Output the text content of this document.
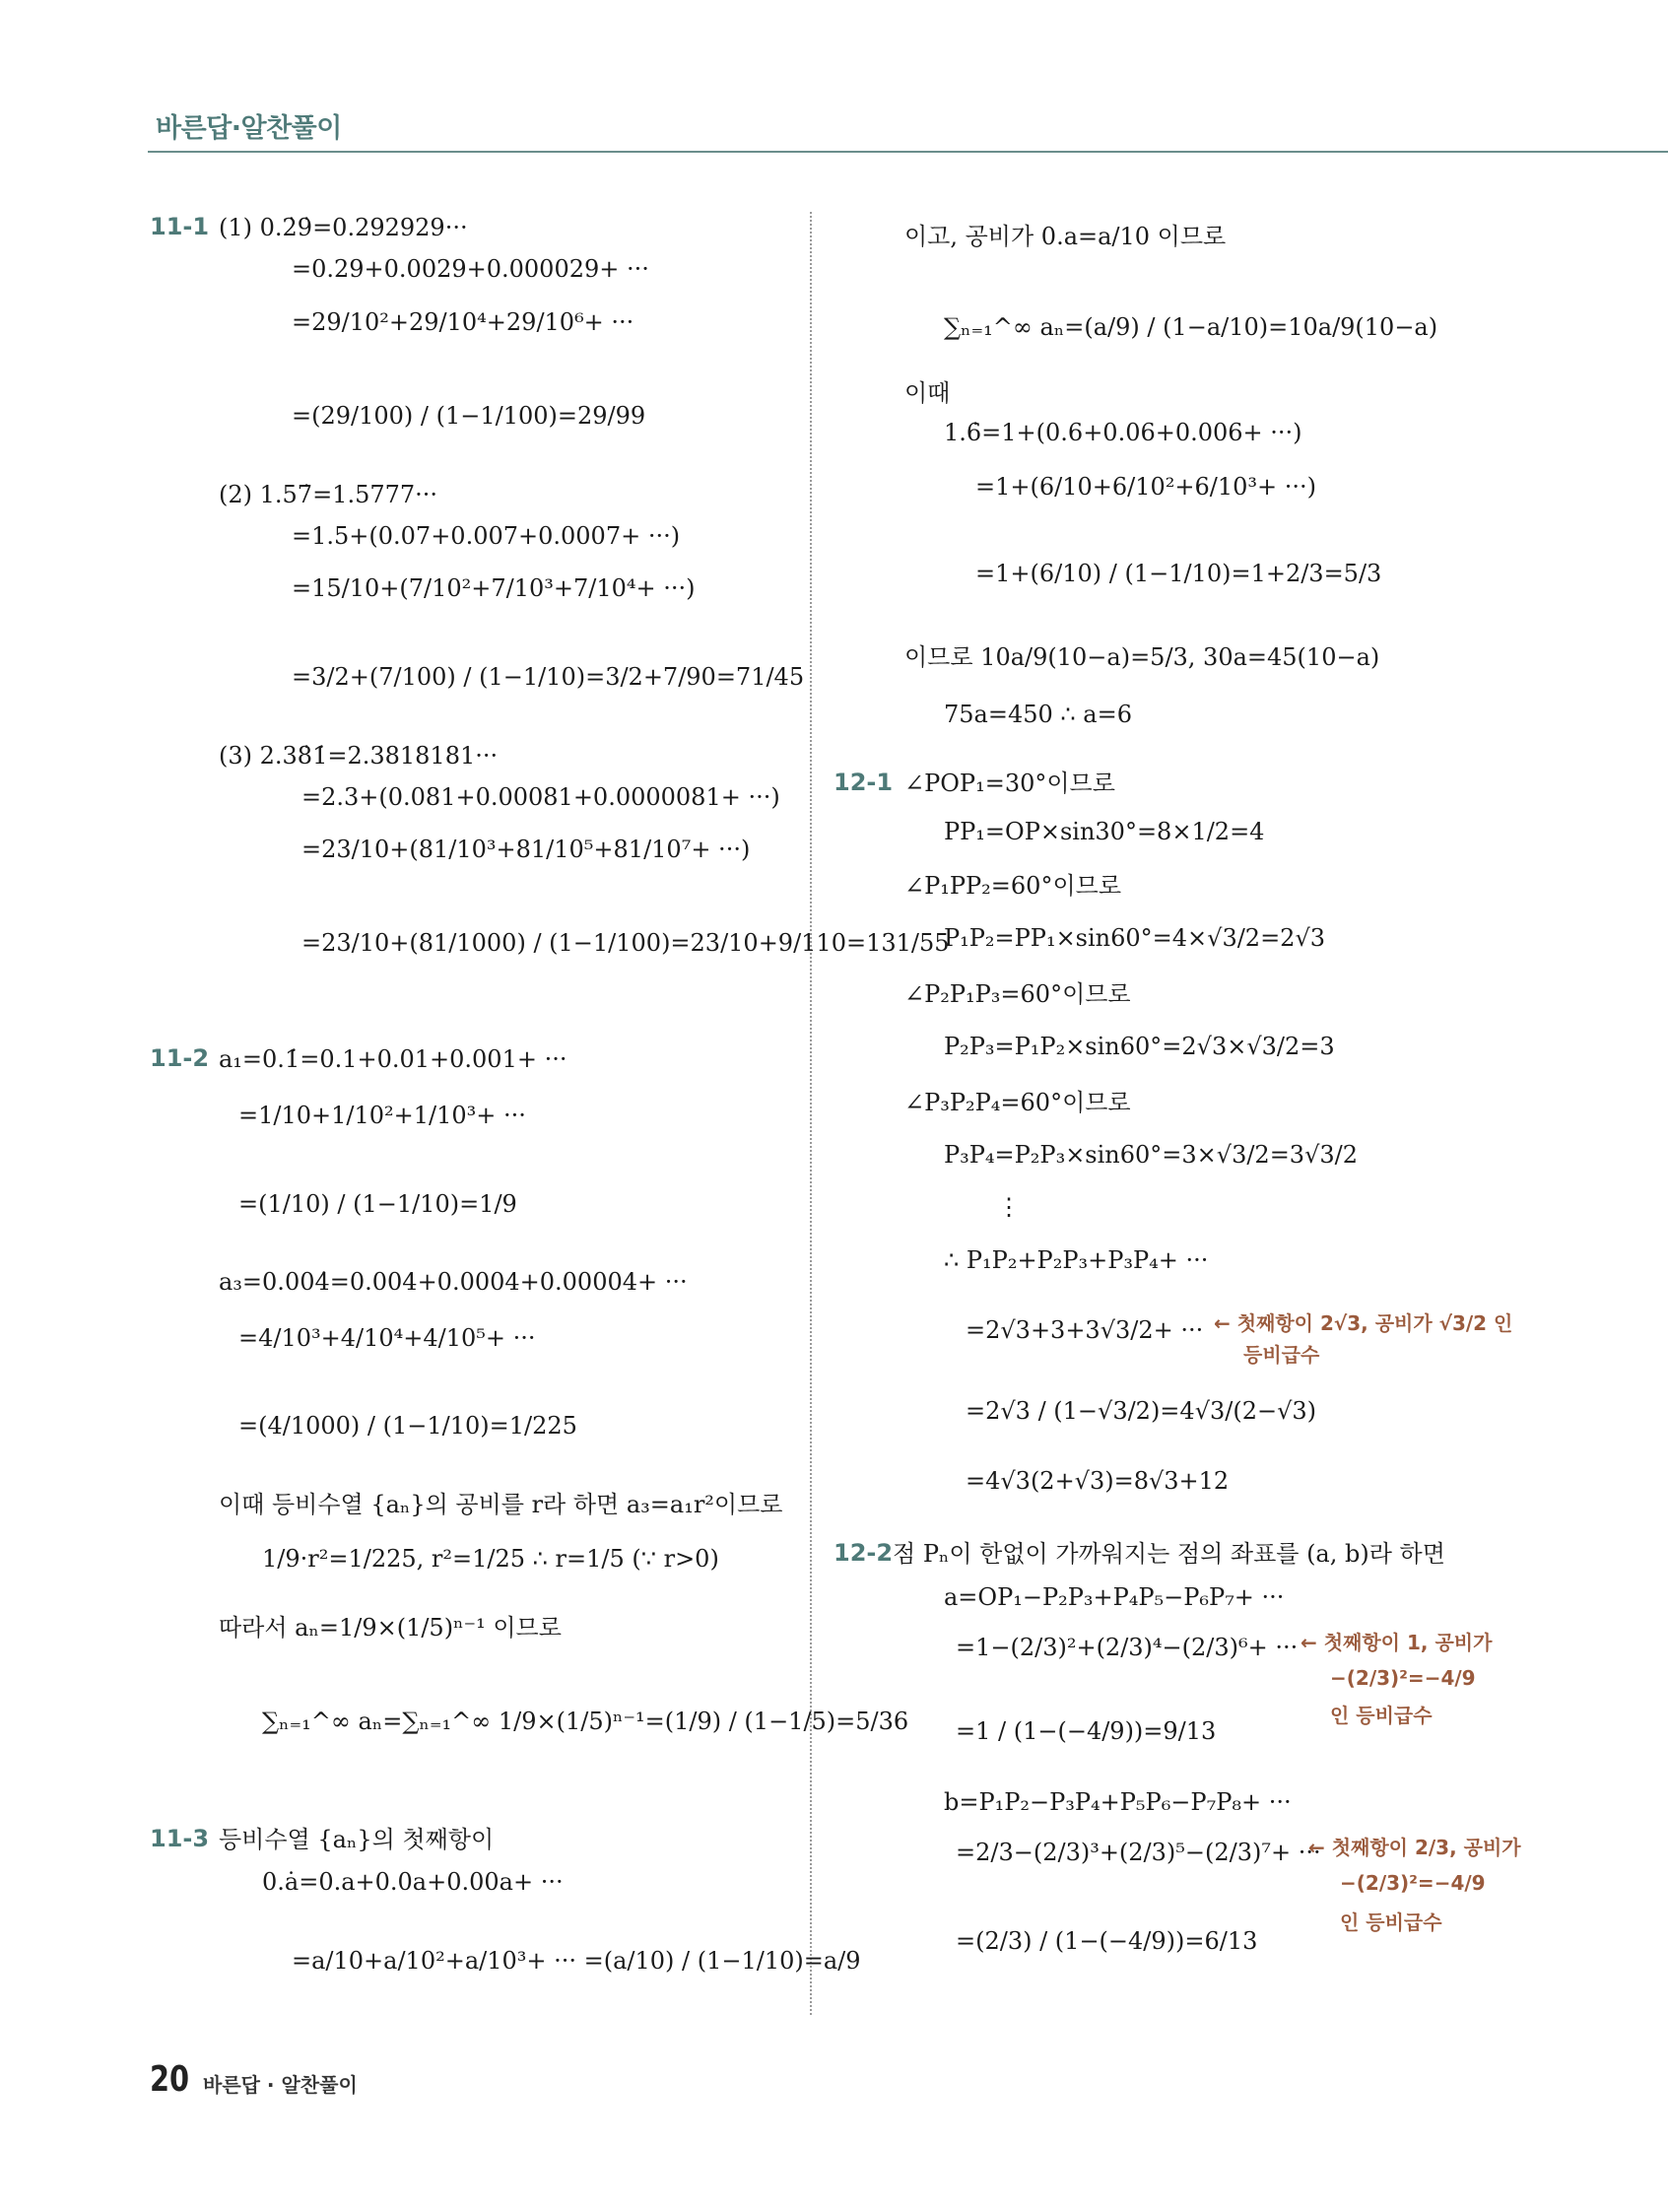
바른답·알찬풀이
11-1 (1) 0.2̇9̇=0.292929···
=0.29+0.0029+0.000029+ ···
=29/10²+29/10⁴+29/10⁶+ ···
=(29/100) / (1−1/100)=29/99
(2) 1.57̇=1.5777···
=1.5+(0.07+0.007+0.0007+ ···)
=15/10+(7/10²+7/10³+7/10⁴+ ···)
=3/2+(7/100) / (1−1/10)=3/2+7/90=71/45
(3) 2.38̇1̇=2.3818181···
=2.3+(0.081+0.00081+0.0000081+ ···)
=23/10+(81/10³+81/10⁵+81/10⁷+ ···)
=23/10+(81/1000) / (1−1/100)=23/10+9/110=131/55
11-2 a₁=0.1̇=0.1+0.01+0.001+ ···
=1/10+1/10²+1/10³+ ···
=(1/10) / (1−1/10)=1/9
a₃=0.004̇=0.004+0.0004+0.00004+ ···
=4/10³+4/10⁴+4/10⁵+ ···
=(4/1000) / (1−1/10)=1/225
이때 등비수열 {aₙ}의 공비를 r라 하면 a₃=a₁r²이므로
1/9·r²=1/225, r²=1/25 ∴ r=1/5 (∵ r>0)
따라서 aₙ=1/9×(1/5)ⁿ⁻¹ 이므로
∑ₙ₌₁^∞ aₙ=∑ₙ₌₁^∞ 1/9×(1/5)ⁿ⁻¹=(1/9) / (1−1/5)=5/36
11-3 등비수열 {aₙ}의 첫째항이
0.ȧ=0.a+0.0a+0.00a+ ···
=a/10+a/10²+a/10³+ ··· =(a/10) / (1−1/10)=a/9
이고, 공비가 0.a=a/10 이므로
∑ₙ₌₁^∞ aₙ=(a/9) / (1−a/10)=10a/9(10−a)
이때
1.6̇=1+(0.6+0.06+0.006+ ···)
=1+(6/10+6/10²+6/10³+ ···)
=1+(6/10) / (1−1/10)=1+2/3=5/3
이므로 10a/9(10−a)=5/3, 30a=45(10−a)
75a=450 ∴ a=6
12-1 ∠POP₁=30°이므로
PP₁=OP×sin30°=8×1/2=4
∠P₁PP₂=60°이므로
P₁P₂=PP₁×sin60°=4×√3/2=2√3
∠P₂P₁P₃=60°이므로
P₂P₃=P₁P₂×sin60°=2√3×√3/2=3
∠P₃P₂P₄=60°이므로
P₃P₄=P₂P₃×sin60°=3×√3/2=3√3/2
⋮
∴ P₁P₂+P₂P₃+P₃P₄+ ···
=2√3+3+3√3/2+ ···
=2√3 / (1−√3/2)=4√3/(2−√3)
=4√3(2+√3)=8√3+12
← 첫째항이 2√3, 공비가 √3/2 인
등비급수
12-2 점 Pₙ이 한없이 가까워지는 점의 좌표를 (a, b)라 하면
a=OP₁−P₂P₃+P₄P₅−P₆P₇+ ···
=1−(2/3)²+(2/3)⁴−(2/3)⁶+ ···
=1 / (1−(−4/9))=9/13
b=P₁P₂−P₃P₄+P₅P₆−P₇P₈+ ···
=2/3−(2/3)³+(2/3)⁵−(2/3)⁷+ ···
=(2/3) / (1−(−4/9))=6/13
← 첫째항이 1, 공비가
−(2/3)²=−4/9
인 등비급수
← 첫째항이 2/3, 공비가
−(2/3)²=−4/9
인 등비급수
20 바른답 · 알찬풀이
